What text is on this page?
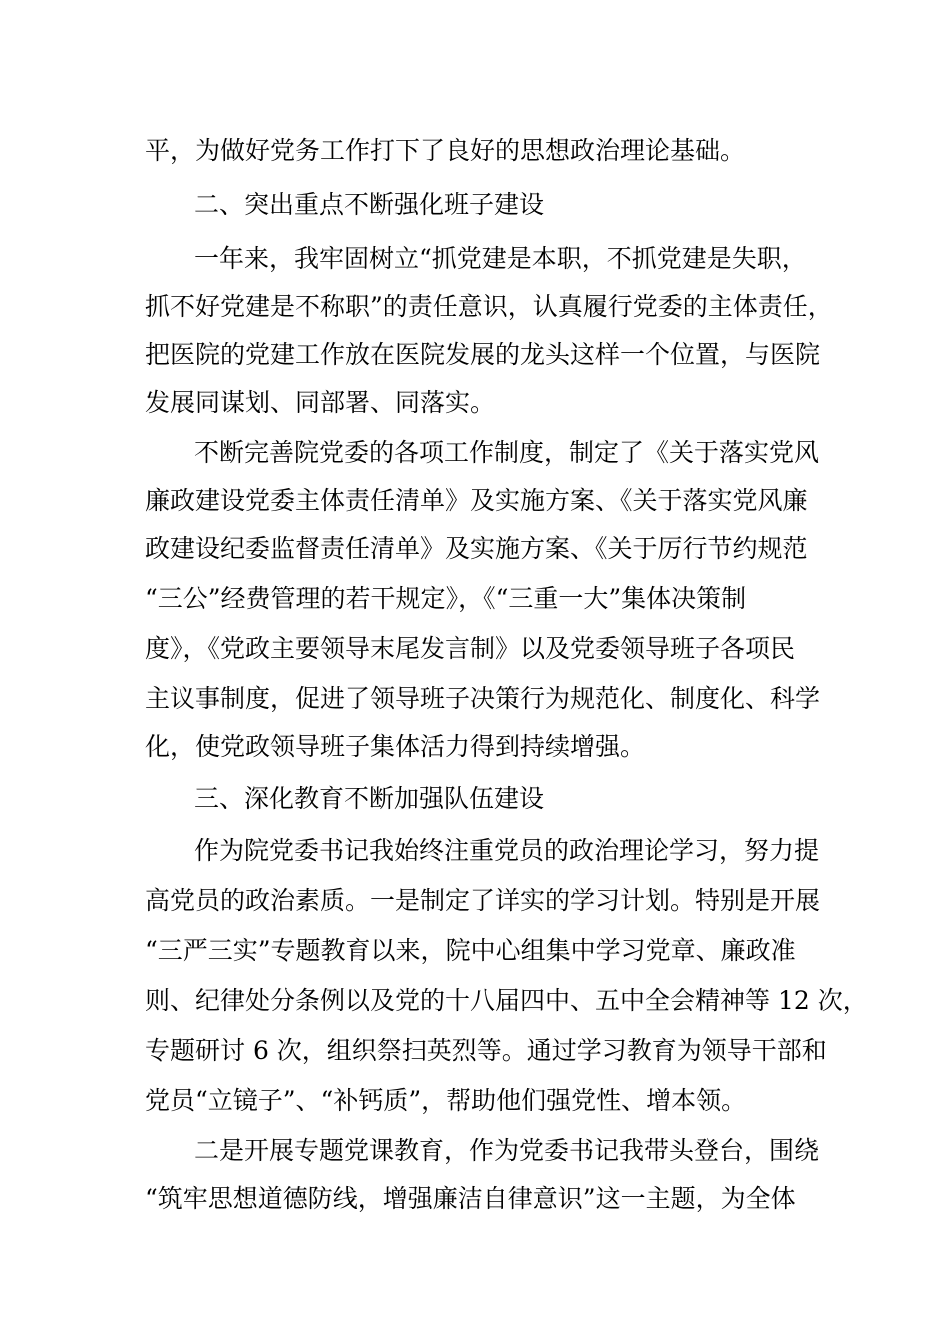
平，为做好党务工作打下了良好的思想政治理论基础。
二、突出重点不断强化班子建设
一年来，我牢固树立“抓党建是本职，不抓党建是失职，
抓不好党建是不称职”的责任意识，认真履行党委的主体责任，
把医院的党建工作放在医院发展的龙头这样一个位置，与医院
发展同谋划、同部署、同落实。
不断完善院党委的各项工作制度，制定了《关于落实党风
廉政建设党委主体责任清单》及实施方案、《关于落实党风廉
政建设纪委监督责任清单》及实施方案、《关于厉行节约规范
“三公”经费管理的若干规定》，《“三重一大”集体决策制
度》，《党政主要领导末尾发言制》以及党委领导班子各项民
主议事制度，促进了领导班子决策行为规范化、制度化、科学
化，使党政领导班子集体活力得到持续增强。
三、深化教育不断加强队伍建设
作为院党委书记我始终注重党员的政治理论学习，努力提
高党员的政治素质。一是制定了详实的学习计划。特别是开展
“三严三实”专题教育以来，院中心组集中学习党章、廉政准
则、纪律处分条例以及党的十八届四中、五中全会精神等 12 次，
专题研讨 6 次，组织祭扫英烈等。通过学习教育为领导干部和
党员“立镜子”、“补钙质”，帮助他们强党性、增本领。
二是开展专题党课教育，作为党委书记我带头登台，围绕
“筑牢思想道德防线，增强廉洁自律意识”这一主题，为全体
